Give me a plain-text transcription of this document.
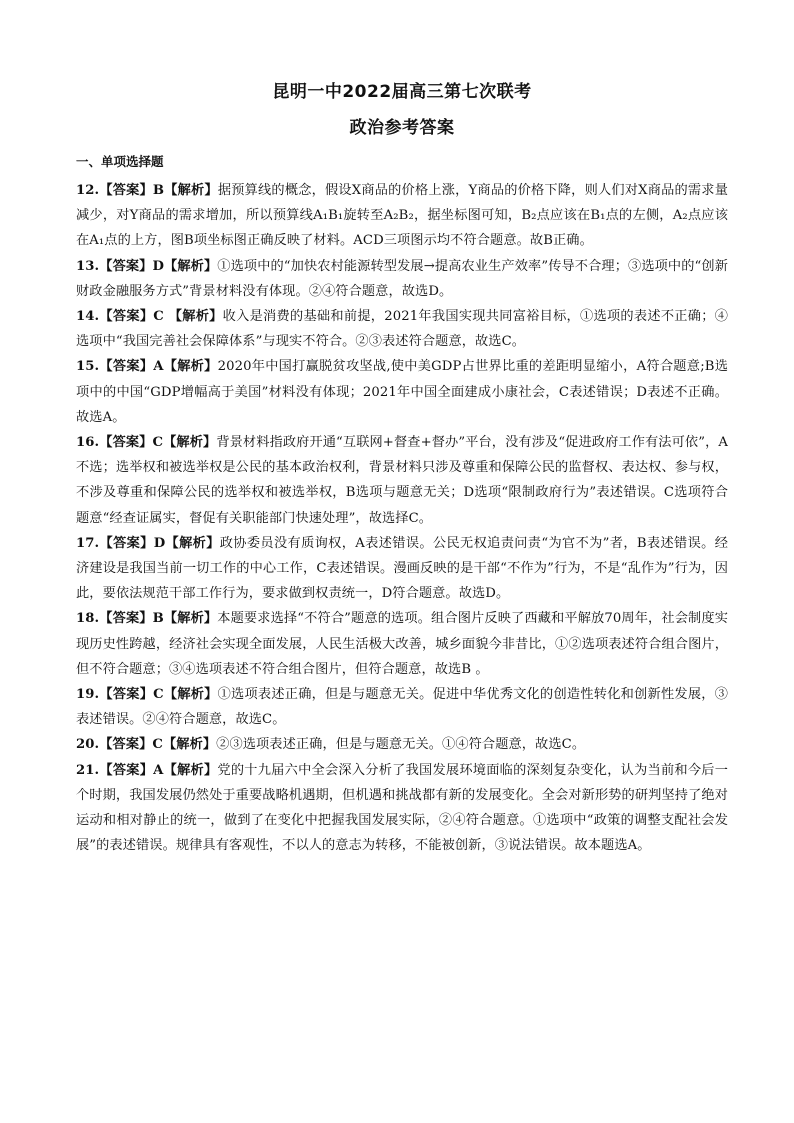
昆明一中2022届高三第七次联考
政治参考答案
一、单项选择题

12.【答案】B【解析】据预算线的概念，假设X商品的价格上涨，Y商品的价格下降，则人们对X商品的需求量减少，对Y商品的需求增加，所以预算线A₁B₁旋转至A₂B₂，据坐标图可知，B₂点应该在B₁点的左侧，A₂点应该在A₁点的上方，图B项坐标图正确反映了材料。ACD三项图示均不符合题意。故B正确。

13.【答案】D【解析】①选项中的“加快农村能源转型发展→提高农业生产效率”传导不合理；③选项中的“创新财政金融服务方式”背景材料没有体现。②④符合题意，故选D。

14.【答案】C 【解析】收入是消费的基础和前提，2021年我国实现共同富裕目标，①选项的表述不正确；④选项中“我国完善社会保障体系”与现实不符合。②③表述符合题意，故选C。

15.【答案】A【解析】2020年中国打赢脱贫攻坚战,使中美GDP占世界比重的差距明显缩小，A符合题意;B选项中的中国“GDP增幅高于美国”材料没有体现；2021年中国全面建成小康社会，C表述错误；D表述不正确。故选A。

16.【答案】C【解析】背景材料指政府开通“互联网+督查+督办”平台，没有涉及“促进政府工作有法可依”，A不选；选举权和被选举权是公民的基本政治权利，背景材料只涉及尊重和保障公民的监督权、表达权、参与权，不涉及尊重和保障公民的选举权和被选举权，B选项与题意无关；D选项“限制政府行为”表述错误。C选项符合题意“经查证属实，督促有关职能部门快速处理”，故选择C。

17.【答案】D【解析】政协委员没有质询权，A表述错误。公民无权追责问责“为官不为”者，B表述错误。经济建设是我国当前一切工作的中心工作，C表述错误。漫画反映的是干部“不作为”行为，不是“乱作为”行为，因此，要依法规范干部工作行为，要求做到权责统一，D符合题意。故选D。

18.【答案】B【解析】本题要求选择“不符合”题意的选项。组合图片反映了西藏和平解放70周年，社会制度实现历史性跨越，经济社会实现全面发展，人民生活极大改善，城乡面貌今非昔比，①②选项表述符合组合图片，但不符合题意；③④选项表述不符合组合图片，但符合题意，故选B 。

19.【答案】C【解析】①选项表述正确，但是与题意无关。促进中华优秀文化的创造性转化和创新性发展，③表述错误。②④符合题意，故选C。

20.【答案】C【解析】②③选项表述正确，但是与题意无关。①④符合题意，故选C。

21.【答案】A【解析】党的十九届六中全会深入分析了我国发展环境面临的深刻复杂变化，认为当前和今后一个时期，我国发展仍然处于重要战略机遇期，但机遇和挑战都有新的发展变化。全会对新形势的研判坚持了绝对运动和相对静止的统一，做到了在变化中把握我国发展实际，②④符合题意。①选项中“政策的调整支配社会发展”的表述错误。规律具有客观性，不以人的意志为转移，不能被创新，③说法错误。故本题选A。
